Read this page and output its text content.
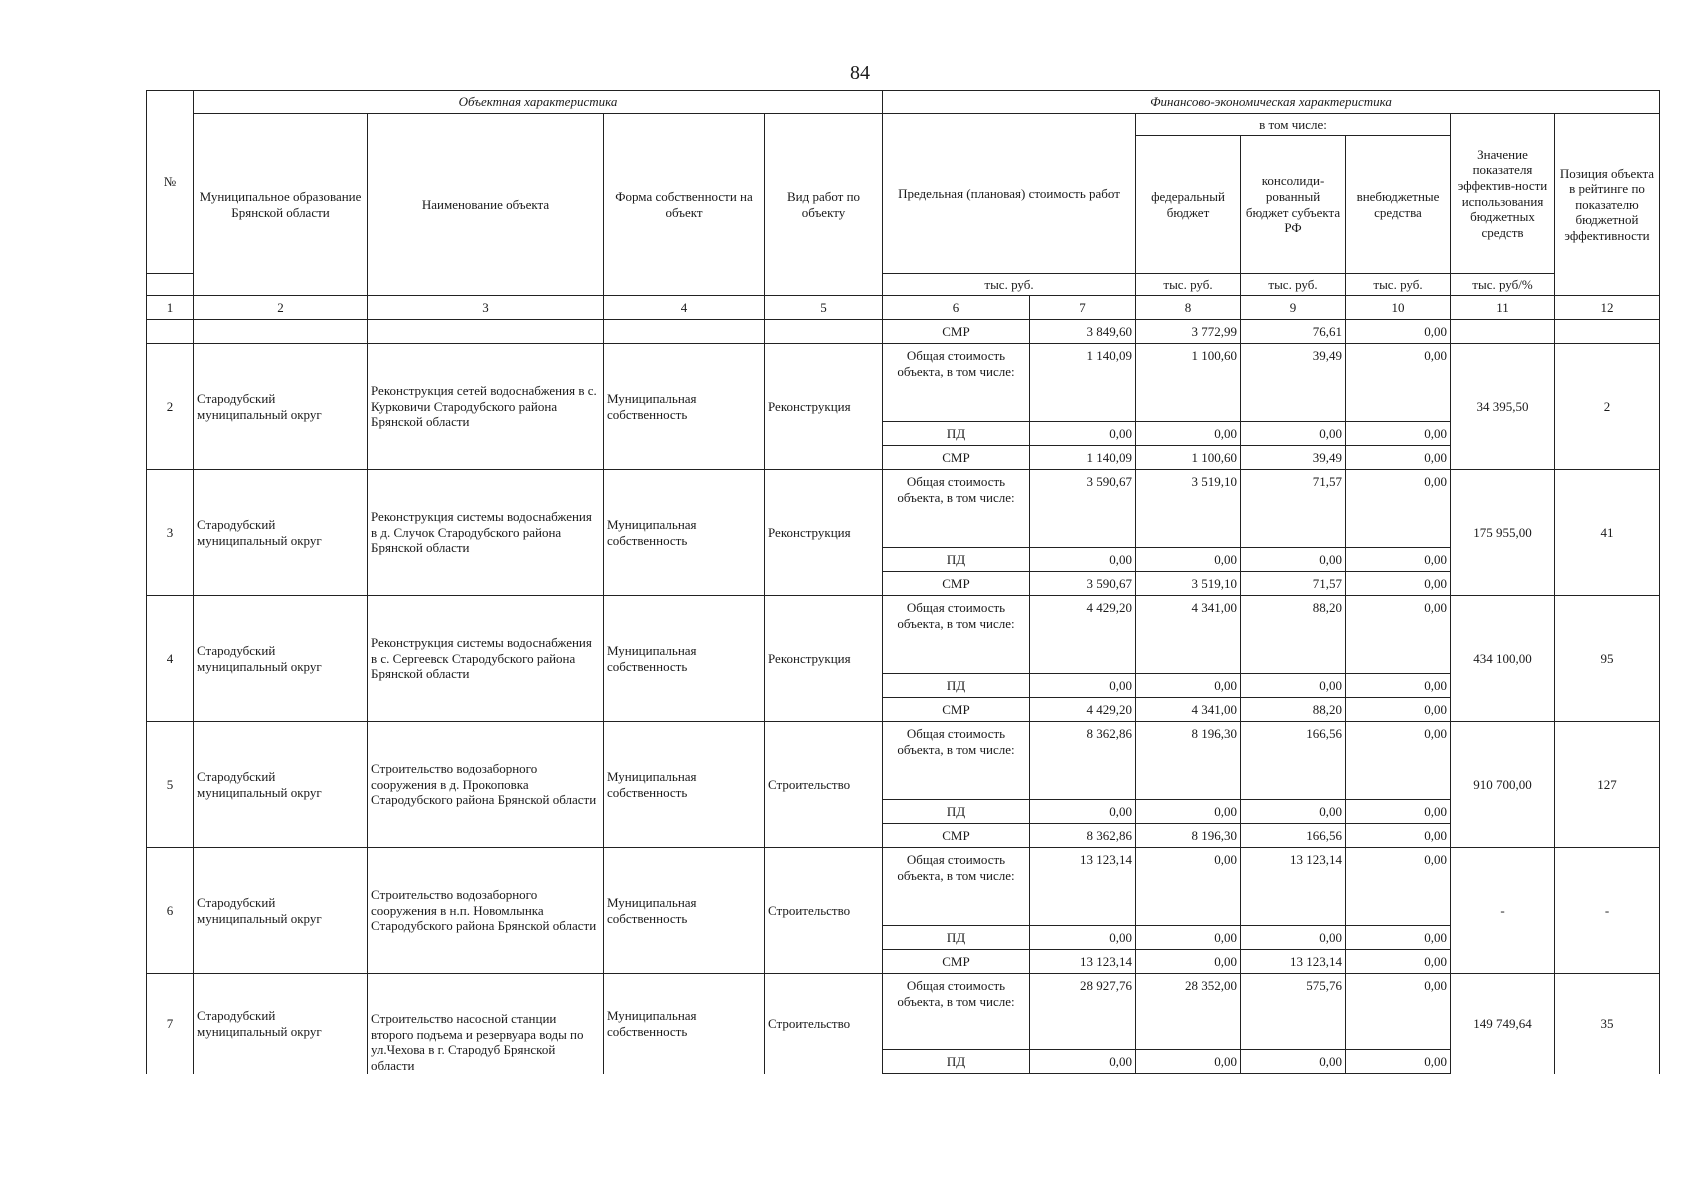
84
№	Объектная характеристика				Финансово-экономическая характеристика						
	Муниципальное образование Брянской области	Наименование объекта	Форма собственности на объект	Вид работ по объекту	Предельная (плановая) стоимость работ		в том числе:			Значение показателя эффектив-ности использования бюджетных средств	Позиция объекта в рейтинге по показателю бюджетной эффективности
							федеральный бюджет	консолиди-рованный бюджет субъекта РФ	внебюджетные средства		
					тыс. руб.		тыс. руб.	тыс. руб.	тыс. руб.	тыс. руб/%	
1	2	3	4	5	6	7	8	9	10	11	12
					СМР	3 849,60	3 772,99	76,61	0,00		
2	Стародубский муниципальный округ	Реконструкция сетей водоснабжения в с. Курковичи Стародубского района Брянской области	Муниципальная собственность	Реконструкция	Общая стоимость объекта, в том числе:	1 140,09	1 100,60	39,49	0,00	34 395,50	2
					ПД	0,00	0,00	0,00	0,00		
					СМР	1 140,09	1 100,60	39,49	0,00		
3	Стародубский муниципальный округ	Реконструкция системы водоснабжения в д. Случок Стародубского района Брянской области	Муниципальная собственность	Реконструкция	Общая стоимость объекта, в том числе:	3 590,67	3 519,10	71,57	0,00	175 955,00	41
					ПД	0,00	0,00	0,00	0,00		
					СМР	3 590,67	3 519,10	71,57	0,00		
4	Стародубский муниципальный округ	Реконструкция системы водоснабжения в с. Сергеевск Стародубского района Брянской области	Муниципальная собственность	Реконструкция	Общая стоимость объекта, в том числе:	4 429,20	4 341,00	88,20	0,00	434 100,00	95
					ПД	0,00	0,00	0,00	0,00		
					СМР	4 429,20	4 341,00	88,20	0,00		
5	Стародубский муниципальный округ	Строительство водозаборного сооружения в д. Прокоповка Стародубского района Брянской области	Муниципальная собственность	Строительство	Общая стоимость объекта, в том числе:	8 362,86	8 196,30	166,56	0,00	910 700,00	127
					ПД	0,00	0,00	0,00	0,00		
					СМР	8 362,86	8 196,30	166,56	0,00		
6	Стародубский муниципальный округ	Строительство водозаборного сооружения в н.п. Новомлынка Стародубского района Брянской области	Муниципальная собственность	Строительство	Общая стоимость объекта, в том числе:	13 123,14	0,00	13 123,14	0,00	-	-
					ПД	0,00	0,00	0,00	0,00		
					СМР	13 123,14	0,00	13 123,14	0,00		
7	Стародубский муниципальный округ	Строительство насосной станции второго подъема и резервуара воды по ул.Чехова в г. Стародуб Брянской области	Муниципальная собственность	Строительство	Общая стоимость объекта, в том числе:	28 927,76	28 352,00	575,76	0,00	149 749,64	35
					ПД	0,00	0,00	0,00	0,00		
